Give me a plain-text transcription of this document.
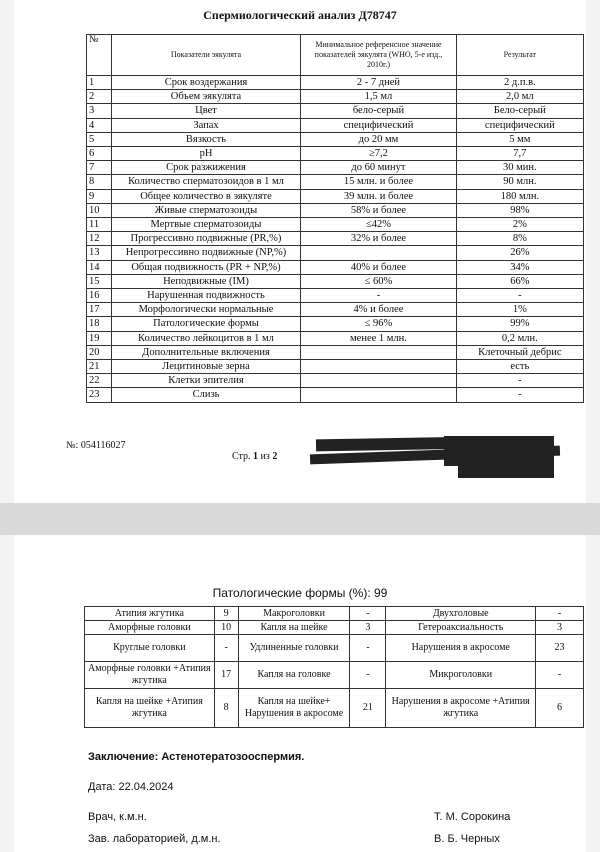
Спермиологический анализ Д78747
№	Показатели эякулята	Минимальное референсное значение показателей эякулята (WHO, 5-е изд., 2010г.)	Результат
1	Срок воздержания	2 - 7 дней	2 д.п.в.
2	Объем эякулята	1,5 мл	2,0 мл
3	Цвет	бело-серый	Бело-серый
4	Запах	специфический	специфический
5	Вязкость	до 20 мм	5 мм
6	pH	≥7,2	7,7
7	Срок разжижения	до 60 минут	30 мин.
8	Количество сперматозоидов в 1 мл	15 млн. и более	90 млн.
9	Общее количество в эякуляте	39 млн. и более	180 млн.
10	Живые сперматозоиды	58% и более	98%
11	Мертвые сперматозоиды	≤42%	2%
12	Прогрессивно подвижные (PR,%)	32% и более	8%
13	Непрогрессивно подвижные (NP,%)		26%
14	Общая подвижность (PR + NP,%)	40% и более	34%
15	Неподвижные (IM)	≤ 60%	66%
16	Нарушенная подвижность	-	-
17	Морфологически нормальные	4% и более	1%
18	Патологические формы	≤ 96%	99%
19	Количество лейкоцитов в 1 мл	менее 1 млн.	0,2 млн.
20	Дополнительные включения		Клеточный дебрис
21	Лецитиновые зерна		есть
22	Клетки эпителия		-
23	Слизь		-
№: 054116027
Стр. 1 из 2
Патологические формы (%): 99
Атипия жгутика	9	Макроголовки	-	Двухголовые	-
Аморфные головки	10	Капля на шейке	3	Гетероаксиальность	3
Круглые головки	-	Удлиненные головки	-	Нарушения в акросоме	23
Аморфные головки +Атипия жгутика	17	Капля на головке	-	Микроголовки	-
Капля на шейке +Атипия жгутика	8	Капля на шейке+ Нарушения в акросоме	21	Нарушения в акросоме +Атипия жгутика	6
Заключение: Астенотератозооспермия.
Дата: 22.04.2024
Врач, к.м.н.	Т. М. Сорокина
Зав. лабораторией, д.м.н.	В. Б. Черных
